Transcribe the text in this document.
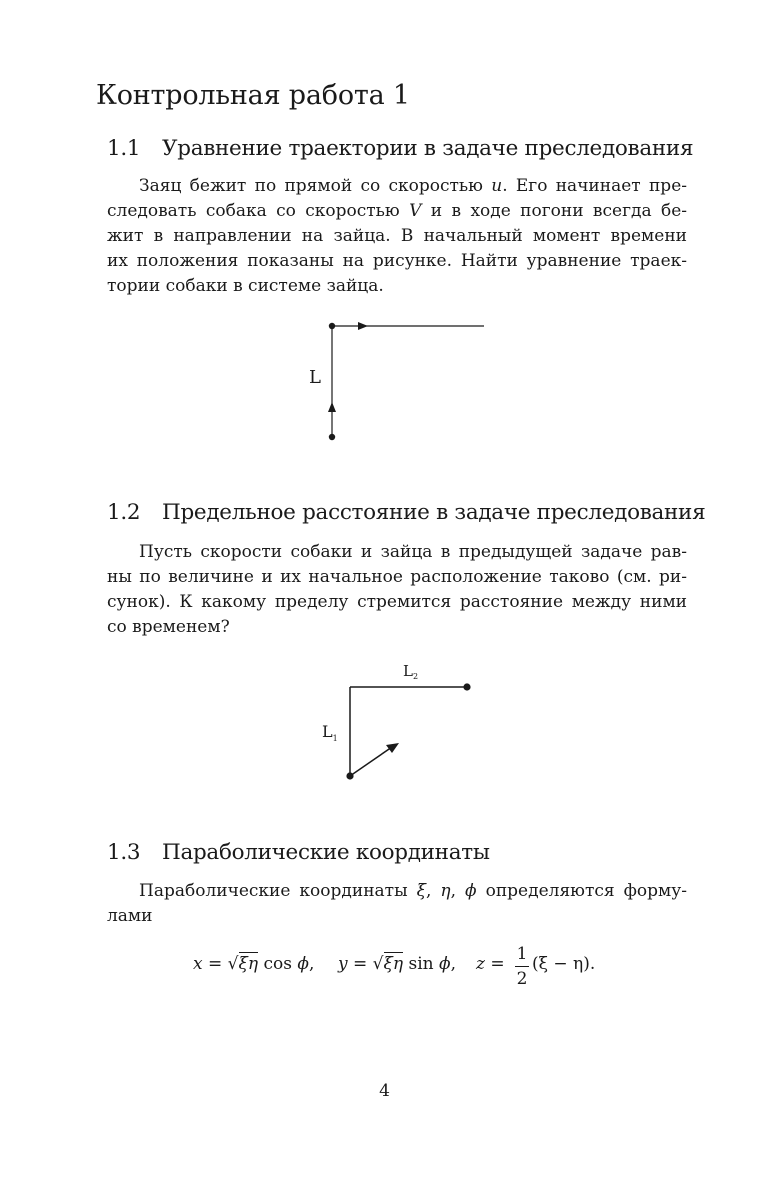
Контрольная работа 1
1.1 Уравнение траектории в задаче преследования
Заяц бежит по прямой со скоростью u. Его начинает пре-
следовать собака со скоростью V и в ходе погони всегда бе-
жит в направлении на зайца. В начальный момент времени
их положения показаны на рисунке. Найти уравнение траек-
тории собаки в системе зайца.
L
1.2 Предельное расстояние в задаче преследования
Пусть скорости собаки и зайца в предыдущей задаче рав-
ны по величине и их начальное расположение таково (см. ри-
сунок). К какому пределу стремится расстояние между ними
со временем?
$L_2$
$L_1$
1.3 Параболические координаты
Параболические координаты ξ, η, ϕ определяются форму-
лами
x = √ξη cos ϕ, y = √ξη sin ϕ, z = 1
2
(ξ − η).
4
